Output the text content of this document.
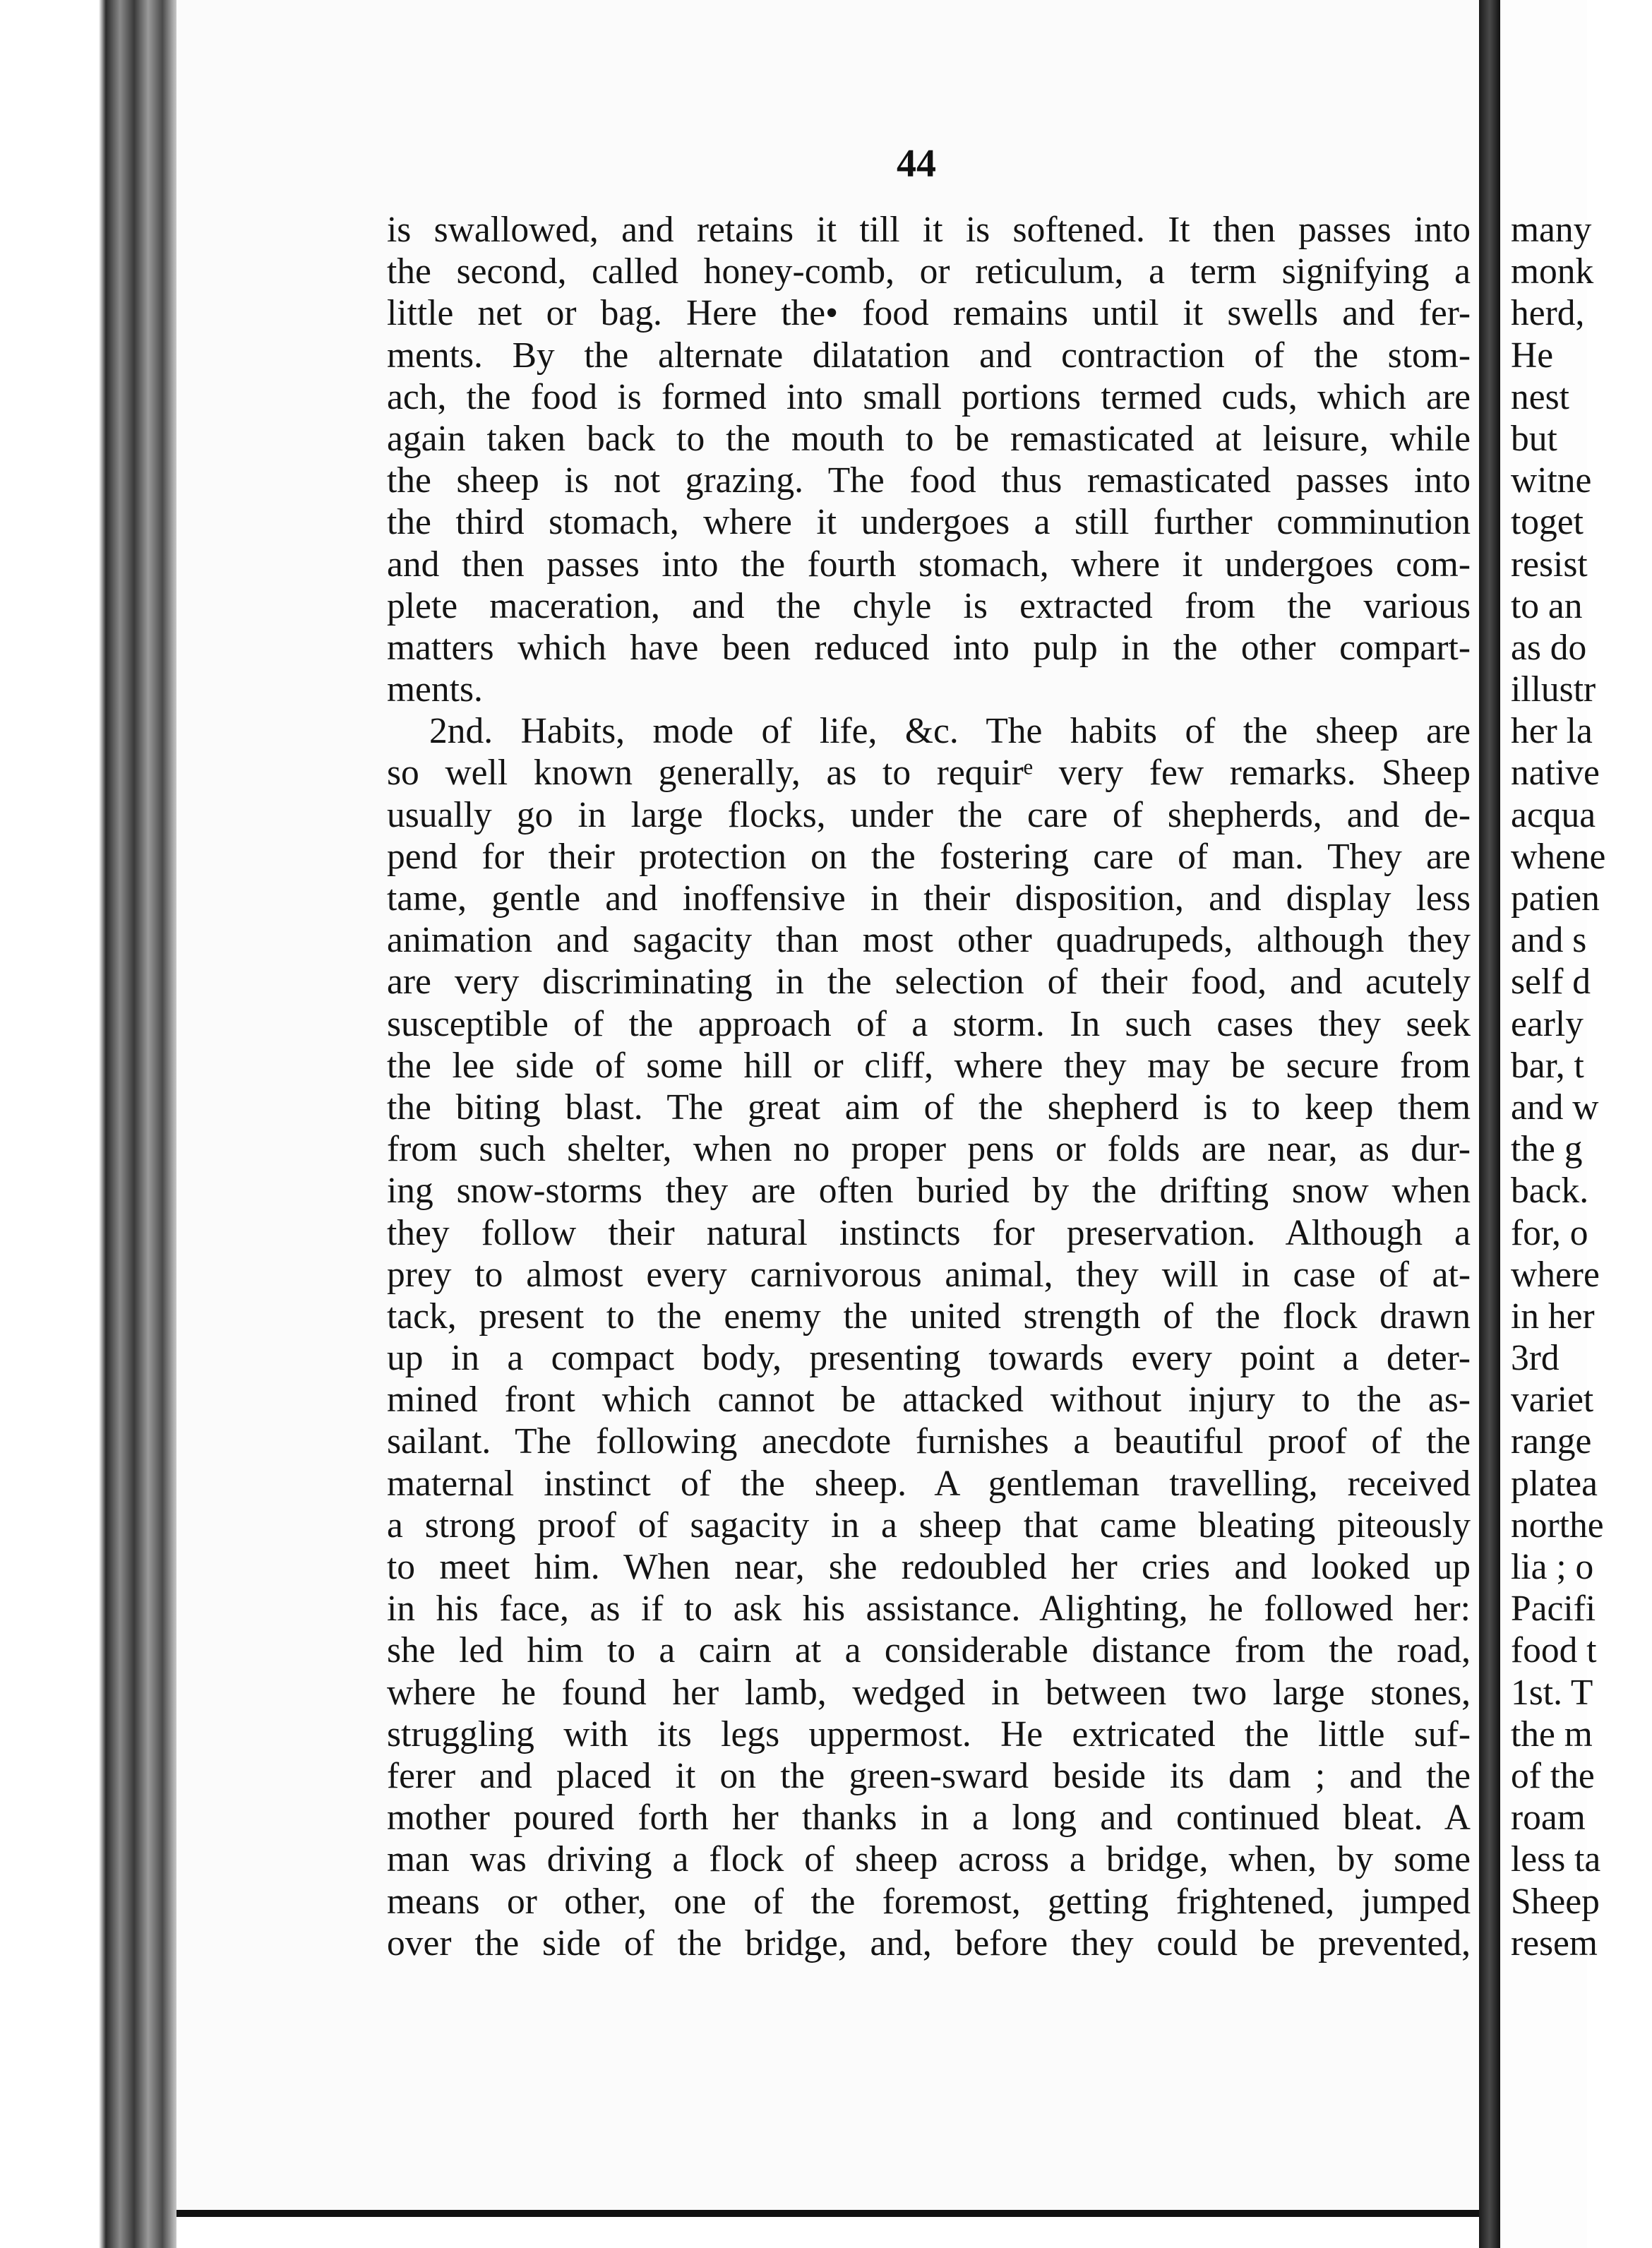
44
is swallowed, and retains it till it is softened. It then passes into
the second, called honey-comb, or reticulum, a term signifying a
little net or bag. Here the• food remains until it swells and fer-
ments. By the alternate dilatation and contraction of the stom-
ach, the food is formed into small portions termed cuds, which are
again taken back to the mouth to be remasticated at leisure, while
the sheep is not grazing. The food thus remasticated passes into
the third stomach, where it undergoes a still further comminution
and then passes into the fourth stomach, where it undergoes com-
plete maceration, and the chyle is extracted from the various
matters which have been reduced into pulp in the other compart-
ments.
2nd. Habits, mode of life, &c. The habits of the sheep are
so well known generally, as to requirᵉ very few remarks. Sheep
usually go in large flocks, under the care of shepherds, and de-
pend for their protection on the fostering care of man. They are
tame, gentle and inoffensive in their disposition, and display less
animation and sagacity than most other quadrupeds, although they
are very discriminating in the selection of their food, and acutely
susceptible of the approach of a storm. In such cases they seek
the lee side of some hill or cliff, where they may be secure from
the biting blast. The great aim of the shepherd is to keep them
from such shelter, when no proper pens or folds are near, as dur-
ing snow-storms they are often buried by the drifting snow when
they follow their natural instincts for preservation. Although a
prey to almost every carnivorous animal, they will in case of at-
tack, present to the enemy the united strength of the flock drawn
up in a compact body, presenting towards every point a deter-
mined front which cannot be attacked without injury to the as-
sailant. The following anecdote furnishes a beautiful proof of the
maternal instinct of the sheep. A gentleman travelling, received
a strong proof of sagacity in a sheep that came bleating piteously
to meet him. When near, she redoubled her cries and looked up
in his face, as if to ask his assistance. Alighting, he followed her:
she led him to a cairn at a considerable distance from the road,
where he found her lamb, wedged in between two large stones,
struggling with its legs uppermost. He extricated the little suf-
ferer and placed it on the green-sward beside its dam ; and the
mother poured forth her thanks in a long and continued bleat. A
man was driving a flock of sheep across a bridge, when, by some
means or other, one of the foremost, getting frightened, jumped
over the side of the bridge, and, before they could be prevented,
many
monk
herd,
He
nest
but
witne
toget
resist
to an
as do
illustr
her la
native
acqua
whene
patien
and s
self d
early
bar, t
and w
the g
back.
for, o
where
in her
3rd
variet
range
platea
northe
lia ; o
Pacifi
food t
1st. T
the m
of the
roam
less ta
Sheep
resem
